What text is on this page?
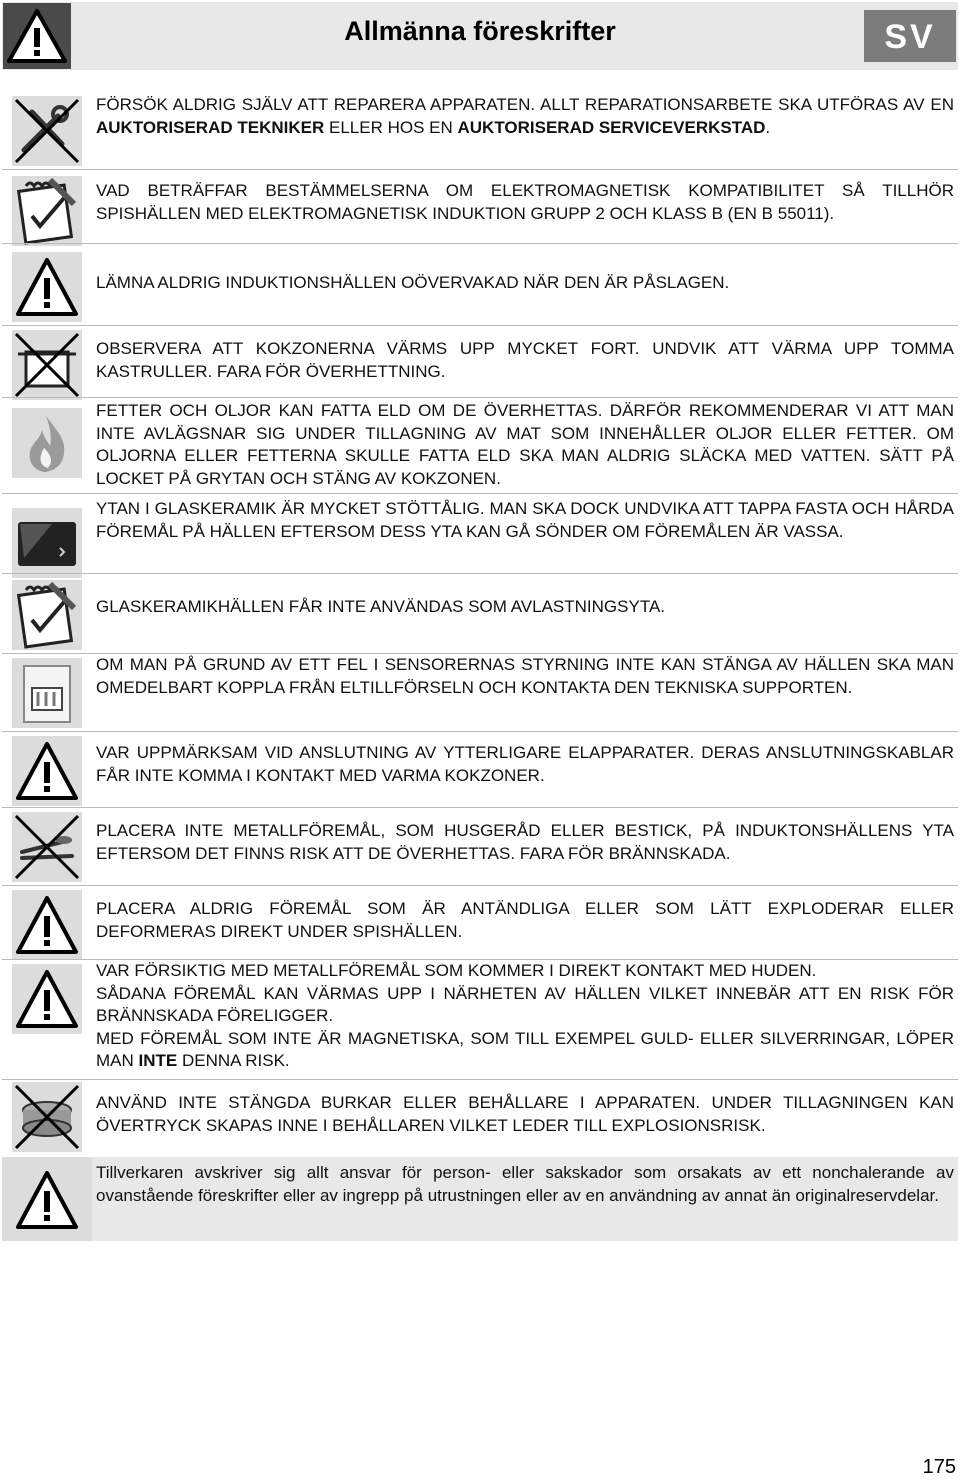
Allmänna föreskrifter	SV
FÖRSÖK ALDRIG SJÄLV ATT REPARERA APPARATEN. ALLT REPARATIONSARBETE SKA UTFÖRAS AV EN AUKTORISERAD TEKNIKER ELLER HOS EN AUKTORISERAD SERVICEVERKSTAD.
VAD BETRÄFFAR BESTÄMMELSERNA OM ELEKTROMAGNETISK KOMPATIBILITET SÅ TILLHÖR SPISHÄLLEN MED ELEKTROMAGNETISK INDUKTION GRUPP 2 OCH KLASS B (EN B 55011).
LÄMNA ALDRIG INDUKTIONSHÄLLEN OÖVERVAKAD NÄR DEN ÄR PÅSLAGEN.
OBSERVERA ATT KOKZONERNA VÄRMS UPP MYCKET FORT. UNDVIK ATT VÄRMA UPP TOMMA KASTRULLER. FARA FÖR ÖVERHETTNING.
FETTER OCH OLJOR KAN FATTA ELD OM DE ÖVERHETTAS. DÄRFÖR REKOMMENDERAR VI ATT MAN INTE AVLÄGSNAR SIG UNDER TILLAGNING AV MAT SOM INNEHÅLLER OLJOR ELLER FETTER. OM OLJORNA ELLER FETTERNA SKULLE FATTA ELD SKA MAN ALDRIG SLÄCKA MED VATTEN. SÄTT PÅ LOCKET PÅ GRYTAN OCH STÄNG AV KOKZONEN.
YTAN I GLASKERAMIK ÄR MYCKET STÖTTÅLIG. MAN SKA DOCK UNDVIKA ATT TAPPA FASTA OCH HÅRDA FÖREMÅL PÅ HÄLLEN EFTERSOM DESS YTA KAN GÅ SÖNDER OM FÖREMÅLEN ÄR VASSA.
GLASKERAMIKHÄLLEN FÅR INTE ANVÄNDAS SOM AVLASTNINGSYTA.
OM MAN PÅ GRUND AV ETT FEL I SENSORERNAS STYRNING INTE KAN STÄNGA AV HÄLLEN SKA MAN OMEDELBART KOPPLA FRÅN ELTILLFÖRSELN OCH KONTAKTA DEN TEKNISKA SUPPORTEN.
VAR UPPMÄRKSAM VID ANSLUTNING AV YTTERLIGARE ELAPPARATER. DERAS ANSLUTNINGSKABLAR FÅR INTE KOMMA I KONTAKT MED VARMA KOKZONER.
PLACERA INTE METALLFÖREMÅL, SOM HUSGERÅD ELLER BESTICK, PÅ INDUKTONSHÄLLENS YTA EFTERSOM DET FINNS RISK ATT DE ÖVERHETTAS. FARA FÖR BRÄNNSKADA.
PLACERA ALDRIG FÖREMÅL SOM ÄR ANTÄNDLIGA ELLER SOM LÄTT EXPLODERAR ELLER DEFORMERAS DIREKT UNDER SPISHÄLLEN.
VAR FÖRSIKTIG MED METALLFÖREMÅL SOM KOMMER I DIREKT KONTAKT MED HUDEN.
SÅDANA FÖREMÅL KAN VÄRMAS UPP I NÄRHETEN AV HÄLLEN VILKET INNEBÄR ATT EN RISK FÖR BRÄNNSKADA FÖRELIGGER.
MED FÖREMÅL SOM INTE ÄR MAGNETISKA, SOM TILL EXEMPEL GULD- ELLER SILVERRINGAR, LÖPER MAN INTE DENNA RISK.
ANVÄND INTE STÄNGDA BURKAR ELLER BEHÅLLARE I APPARATEN. UNDER TILLAGNINGEN KAN ÖVERTRYCK SKAPAS INNE I BEHÅLLAREN VILKET LEDER TILL EXPLOSIONSRISK.
Tillverkaren avskriver sig allt ansvar för person- eller sakskador som orsakats av ett nonchalerande av ovanstående föreskrifter eller av ingrepp på utrustningen eller av en användning av annat än originalreservdelar.
175
